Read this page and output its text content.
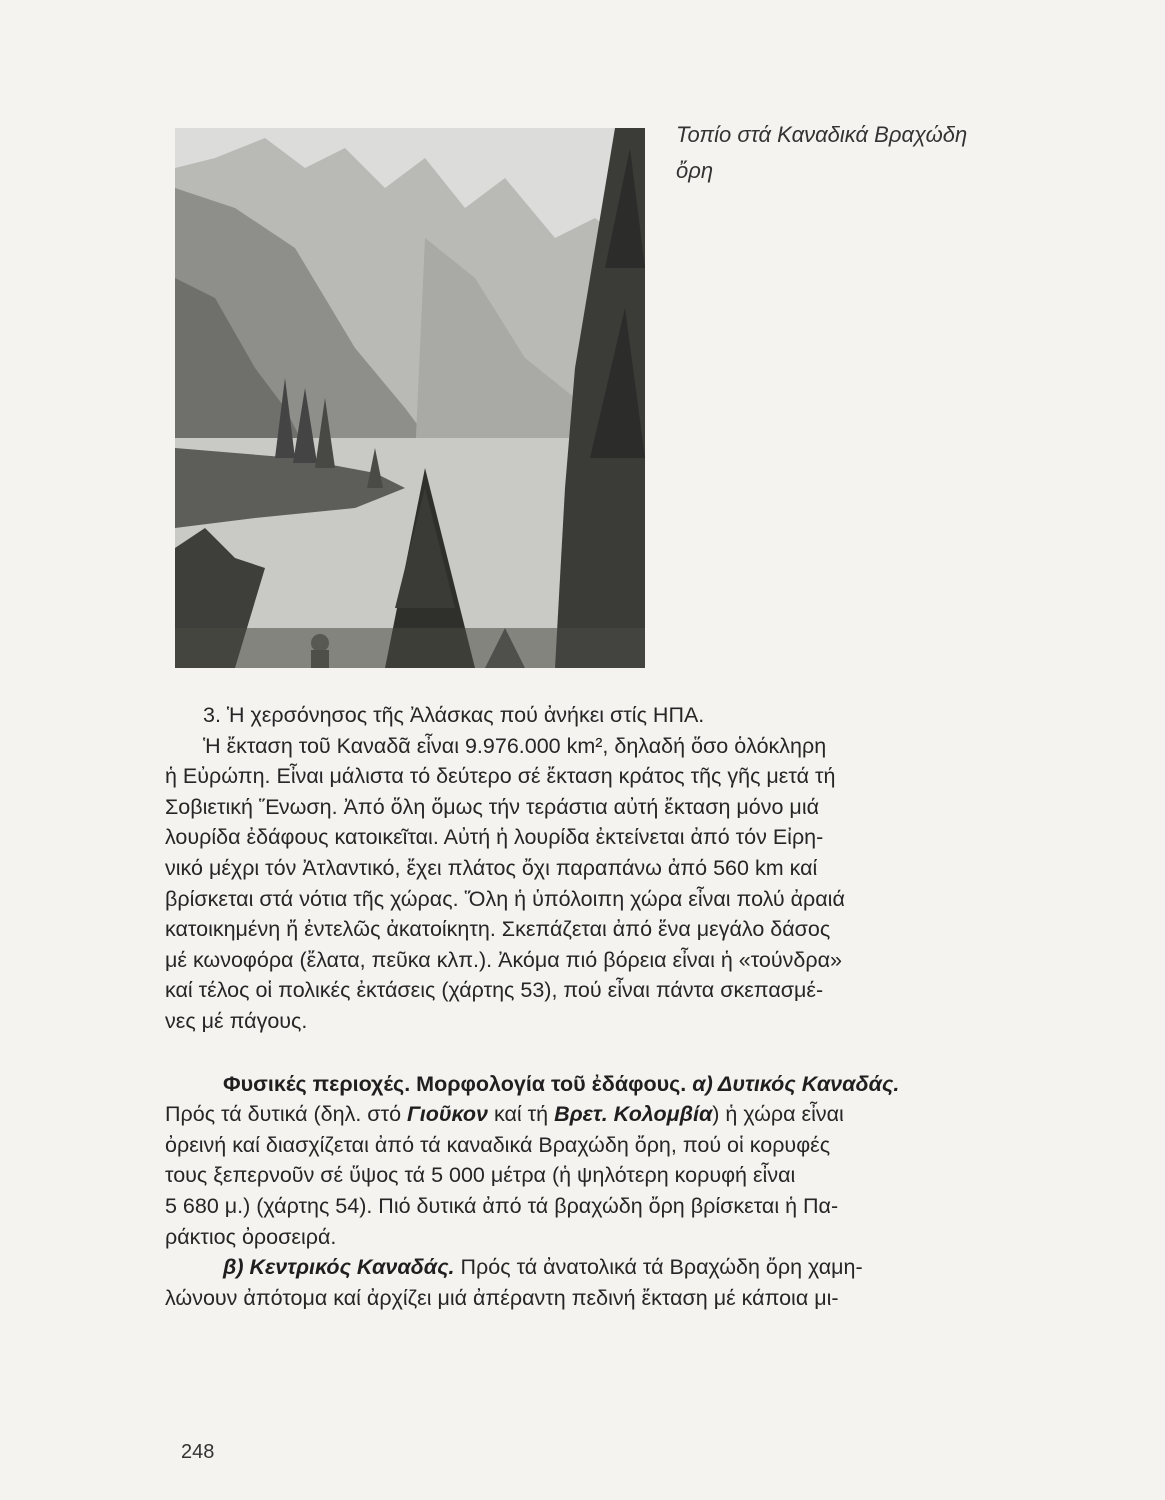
Τοπίο στά Καναδικά Βραχώδη
ὄρη
3. Ἡ χερσόνησος τῆς Ἀλάσκας πού ἀνήκει στίς ΗΠΑ.
Ἡ ἔκταση τοῦ Καναδᾶ εἶναι 9.976.000 km², δηλαδή ὅσο ὁλόκληρη
ἡ Εὐρώπη. Εἶναι μάλιστα τό δεύτερο σέ ἔκταση κράτος τῆς γῆς μετά τή
Σοβιετική Ἕνωση. Ἀπό ὅλη ὅμως τήν τεράστια αὐτή ἔκταση μόνο μιά
λουρίδα ἐδάφους κατοικεῖται. Αὐτή ἡ λουρίδα ἐκτείνεται ἀπό τόν Εἰρη-
νικό μέχρι τόν Ἀτλαντικό, ἔχει πλάτος ὄχι παραπάνω ἀπό 560 km καί
βρίσκεται στά νότια τῆς χώρας. Ὅλη ἡ ὑπόλοιπη χώρα εἶναι πολύ ἀραιά
κατοικημένη ἤ ἐντελῶς ἀκατοίκητη. Σκεπάζεται ἀπό ἕνα μεγάλο δάσος
μέ κωνοφόρα (ἔλατα, πεῦκα κλπ.). Ἀκόμα πιό βόρεια εἶναι ἡ «τούνδρα»
καί τέλος οἱ πολικές ἐκτάσεις (χάρτης 53), πού εἶναι πάντα σκεπασμέ-
νες μέ πάγους.
Φυσικές περιοχές. Μορφολογία τοῦ ἐδάφους. α) Δυτικός Καναδάς.
Πρός τά δυτικά (δηλ. στό Γιοῦκον καί τή Βρετ. Κολομβία) ἡ χώρα εἶναι
ὀρεινή καί διασχίζεται ἀπό τά καναδικά Βραχώδη ὄρη, πού οἱ κορυφές
τους ξεπερνοῦν σέ ὕψος τά 5 000 μέτρα (ἡ ψηλότερη κορυφή εἶναι
5 680 μ.) (χάρτης 54). Πιό δυτικά ἀπό τά βραχώδη ὄρη βρίσκεται ἡ Πα-
ράκτιος ὀροσειρά.
β) Κεντρικός Καναδάς. Πρός τά ἀνατολικά τά Βραχώδη ὄρη χαμη-
λώνουν ἀπότομα καί ἀρχίζει μιά ἀπέραντη πεδινή ἔκταση μέ κάποια μι-
248
